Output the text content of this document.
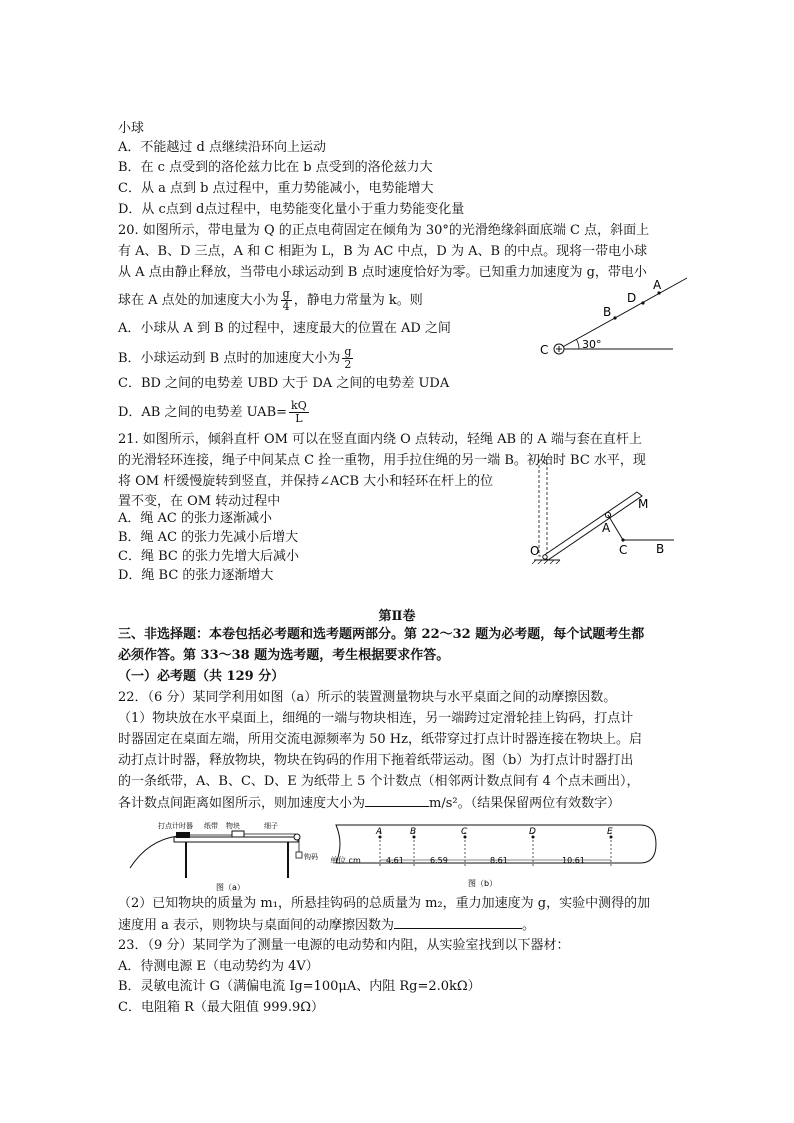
小球
A．不能越过 d 点继续沿环向上运动
B．在 c 点受到的洛伦兹力比在 b 点受到的洛伦兹力大
C．从 a 点到 b 点过程中，重力势能减小，电势能增大
D．从 c点到 d点过程中，电势能变化量小于重力势能变化量
20. 如图所示，带电量为 Q 的正点电荷固定在倾角为 30°的光滑绝缘斜面底端 C 点，斜面上
有 A、B、D 三点，A 和 C 相距为 L，B 为 AC 中点，D 为 A、B 的中点。现将一带电小球
从 A 点由静止释放，当带电小球运动到 B 点时速度恰好为零。已知重力加速度为 g，带电小
球在 A 点处的加速度大小为 $\frac{g}{4}$ ，静电力常量为 k。则
A．小球从 A 到 B 的过程中，速度最大的位置在 AD 之间
B．小球运动到 B 点时的加速度大小为 $\frac{g}{2}$
C．BD 之间的电势差 UBD 大于 DA 之间的电势差 UDA
D．AB 之间的电势差 $UAB= \frac{kQ}{L}$
A
D
B
C	30°
21. 如图所示，倾斜直杆 OM 可以在竖直面内绕 O 点转动，轻绳 AB 的 A 端与套在直杆上
的光滑轻环连接，绳子中间某点 C 拴一重物，用手拉住绳的另一端 B。初始时 BC 水平，现
将 OM 杆缓慢旋转到竖直，并保持∠ACB 大小和轻环在杆上的位
置不变，在 OM 转动过程中
A．绳 AC 的张力逐渐减小
B．绳 AC 的张力先减小后增大
C．绳 BC 的张力先增大后减小
D．绳 BC 的张力逐渐增大
M
A
O	C B
第Ⅱ卷
三、非选择题：本卷包括必考题和选考题两部分。第 22～32 题为必考题，每个试题考生都
必须作答。第 33～38 题为选考题，考生根据要求作答。
（一）必考题（共 129 分）
22．（6 分）某同学利用如图（a）所示的装置测量物块与水平桌面之间的动摩擦因数。
（1）物块放在水平桌面上，细绳的一端与物块相连，另一端跨过定滑轮挂上钩码，打点计
时器固定在桌面左端，所用交流电源频率为 50 Hz，纸带穿过打点计时器连接在物块上。启
动打点计时器，释放物块，物块在钩码的作用下拖着纸带运动。图（b）为打点计时器打出
的一条纸带，A、B、C、D、E 为纸带上 5 个计数点（相邻两计数点间有 4 个点未画出），
各计数点间距离如图所示，则加速度大小为	m/s²。（结果保留两位有效数字）
打点计时器 纸带 物块	细子
钩码
图（a）
A	B	C	D	E
单位 cm	4.61	6.59	8.61	10.61
图（b）
（2）已知物块的质量为 m₁，所悬挂钩码的总质量为 m₂，重力加速度为 g，实验中测得的加
速度用 a 表示，则物块与桌面间的动摩擦因数为	。
23．（9 分）某同学为了测量一电源的电动势和内阻，从实验室找到以下器材：
A．待测电源 E（电动势约为 4V）
B．灵敏电流计 G（满偏电流 Ig=100μA、内阻 Rg=2.0kΩ）
C．电阻箱 R（最大阻值 999.9Ω）
